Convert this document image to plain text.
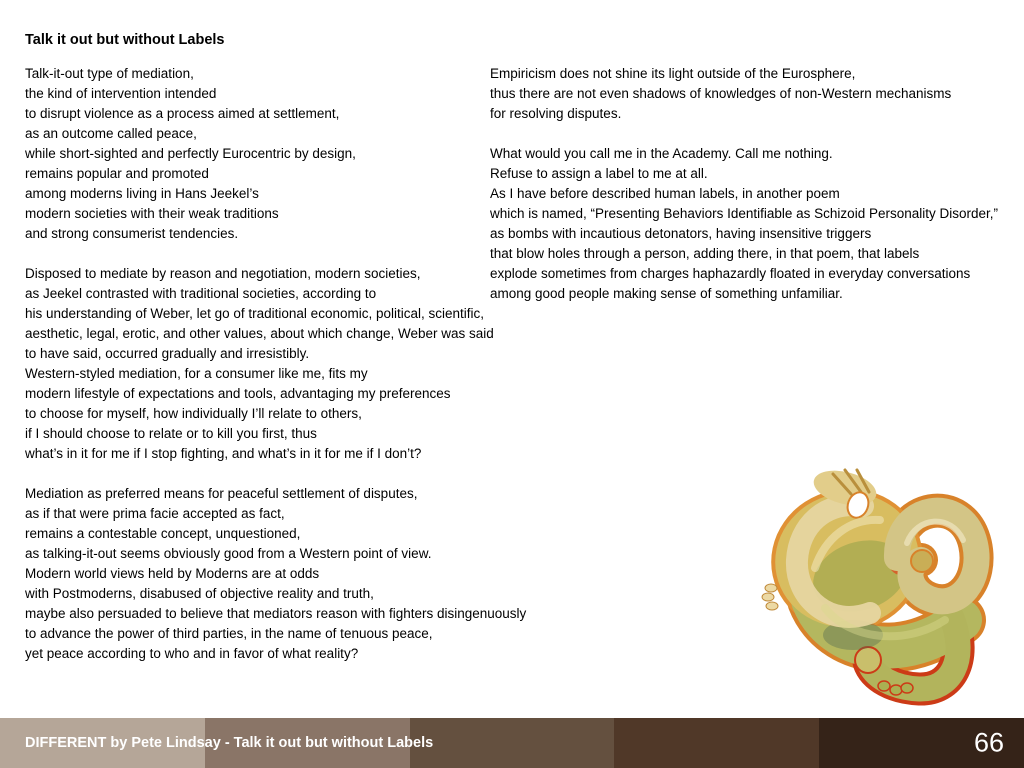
Talk it out but without Labels

Talk-it-out type of mediation,
the kind of intervention intended
to disrupt violence as a process aimed at settlement,
as an outcome called peace,
while short-sighted and perfectly Eurocentric by design,
remains popular and promoted
among moderns living in Hans Jeekel’s
modern societies with their weak traditions
and strong consumerist tendencies.

Disposed to mediate by reason and negotiation, modern societies,
as Jeekel contrasted with traditional societies, according to
his understanding of Weber, let go of traditional economic, political, scientific,
aesthetic, legal, erotic, and other values, about which change, Weber was said
to have said, occurred gradually and irresistibly.
Western-styled mediation, for a consumer like me, fits my
modern lifestyle of expectations and tools, advantaging my preferences
to choose for myself, how individually I’ll relate to others,
if I should choose to relate or to kill you first, thus
what’s in it for me if I stop fighting, and what’s in it for me if I don’t?

Mediation as preferred means for peaceful settlement of disputes,
as if that were prima facie accepted as fact,
remains a contestable concept, unquestioned,
as talking-it-out seems obviously good from a Western point of view.
Modern world views held by Moderns are at odds
with Postmoderns, disabused of objective reality and truth,
maybe also persuaded to believe that mediators reason with fighters disingenuously
to advance the power of third parties, in the name of tenuous peace,
yet peace according to who and in favor of what reality?

Empiricism does not shine its light outside of the Eurosphere,
thus there are not even shadows of knowledges of non-Western mechanisms
for resolving disputes.

What would you call me in the Academy. Call me nothing.
Refuse to assign a label to me at all.
As I have before described human labels, in another poem
which is named, “Presenting Behaviors Identifiable as Schizoid Personality Disorder,”
as bombs with incautious detonators, having insensitive triggers
that blow holes through a person, adding there, in that poem, that labels
explode sometimes from charges haphazardly floated in everyday conversations
among good people making sense of something unfamiliar.

DIFFERENT by Pete Lindsay - Talk it out but without Labels	66
